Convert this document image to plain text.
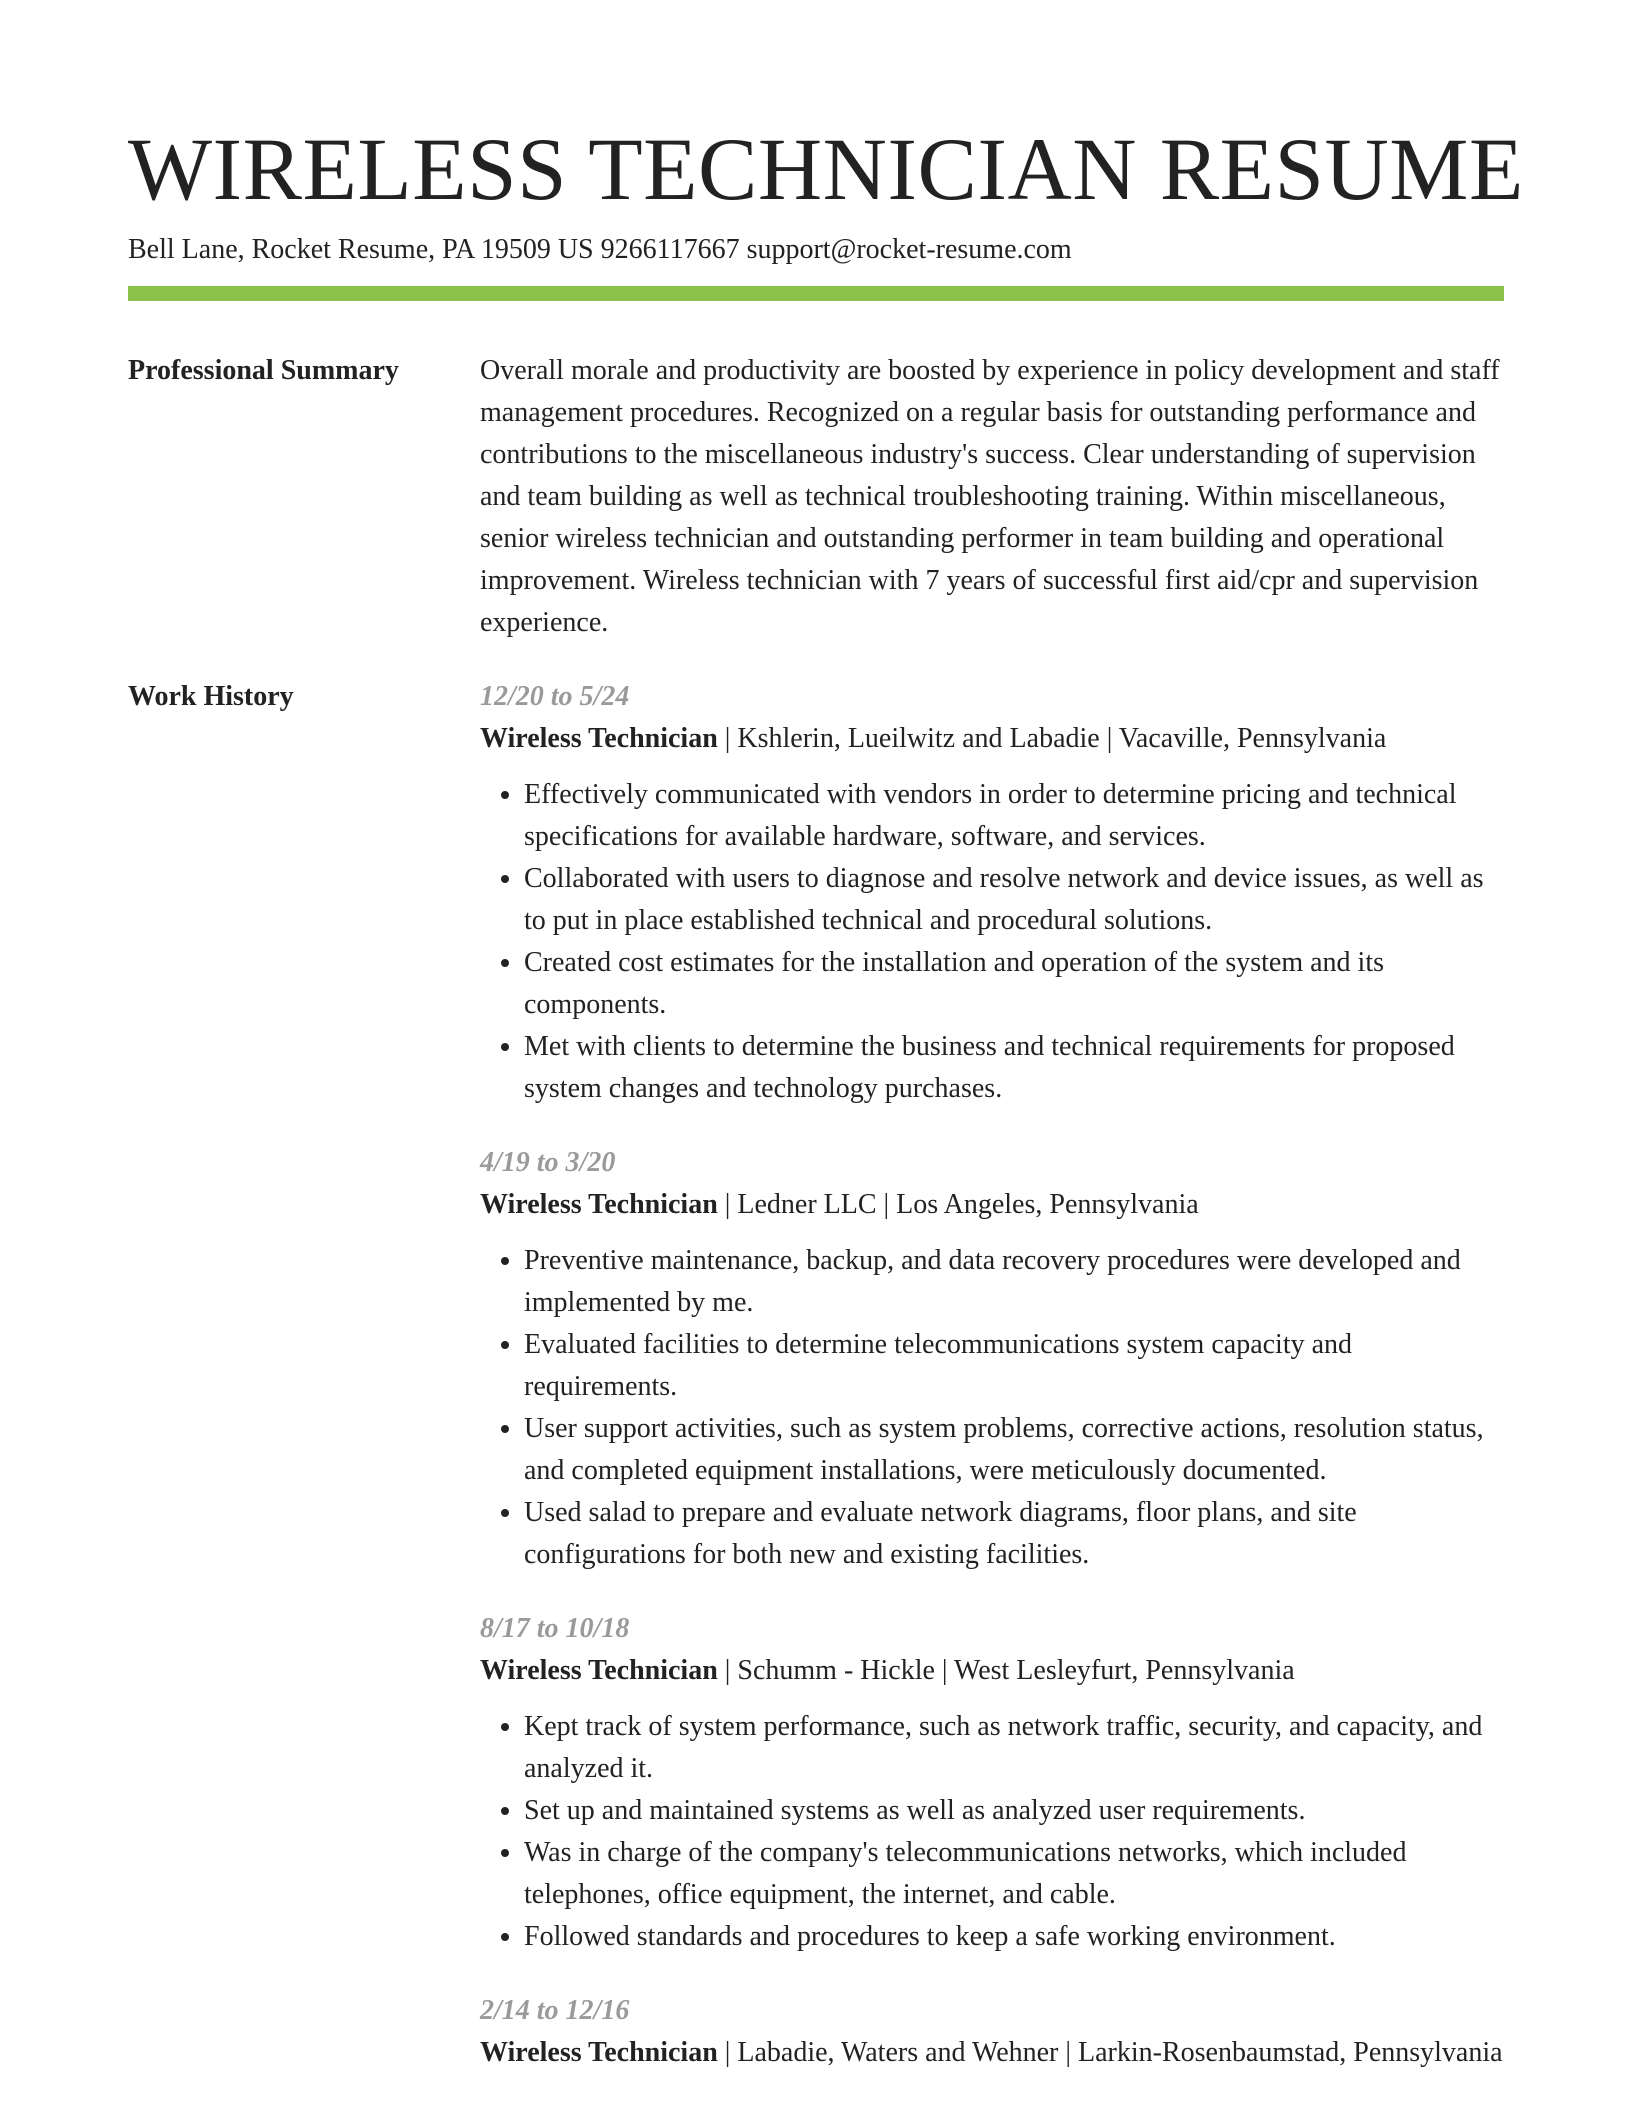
WIRELESS TECHNICIAN RESUME
Bell Lane, Rocket Resume, PA 19509 US 9266117667 support@rocket-resume.com
Professional Summary	Overall morale and productivity are boosted by experience in policy development and staff management procedures. Recognized on a regular basis for outstanding performance and contributions to the miscellaneous industry's success. Clear understanding of supervision and team building as well as technical troubleshooting training. Within miscellaneous, senior wireless technician and outstanding performer in team building and operational improvement. Wireless technician with 7 years of successful first aid/cpr and supervision experience.

Work History	12/20 to 5/24

Wireless Technician | Kshlerin, Lueilwitz and Labadie | Vacaville, Pennsylvania

• Effectively communicated with vendors in order to determine pricing and technical specifications for available hardware, software, and services.
• Collaborated with users to diagnose and resolve network and device issues, as well as to put in place established technical and procedural solutions.
• Created cost estimates for the installation and operation of the system and its components.
• Met with clients to determine the business and technical requirements for proposed system changes and technology purchases.

4/19 to 3/20

Wireless Technician | Ledner LLC | Los Angeles, Pennsylvania

• Preventive maintenance, backup, and data recovery procedures were developed and implemented by me.
• Evaluated facilities to determine telecommunications system capacity and requirements.
• User support activities, such as system problems, corrective actions, resolution status, and completed equipment installations, were meticulously documented.
• Used salad to prepare and evaluate network diagrams, floor plans, and site configurations for both new and existing facilities.

8/17 to 10/18

Wireless Technician | Schumm - Hickle | West Lesleyfurt, Pennsylvania

• Kept track of system performance, such as network traffic, security, and capacity, and analyzed it.
• Set up and maintained systems as well as analyzed user requirements.
• Was in charge of the company's telecommunications networks, which included telephones, office equipment, the internet, and cable.
• Followed standards and procedures to keep a safe working environment.

2/14 to 12/16

Wireless Technician | Labadie, Waters and Wehner | Larkin-Rosenbaumstad, Pennsylvania
